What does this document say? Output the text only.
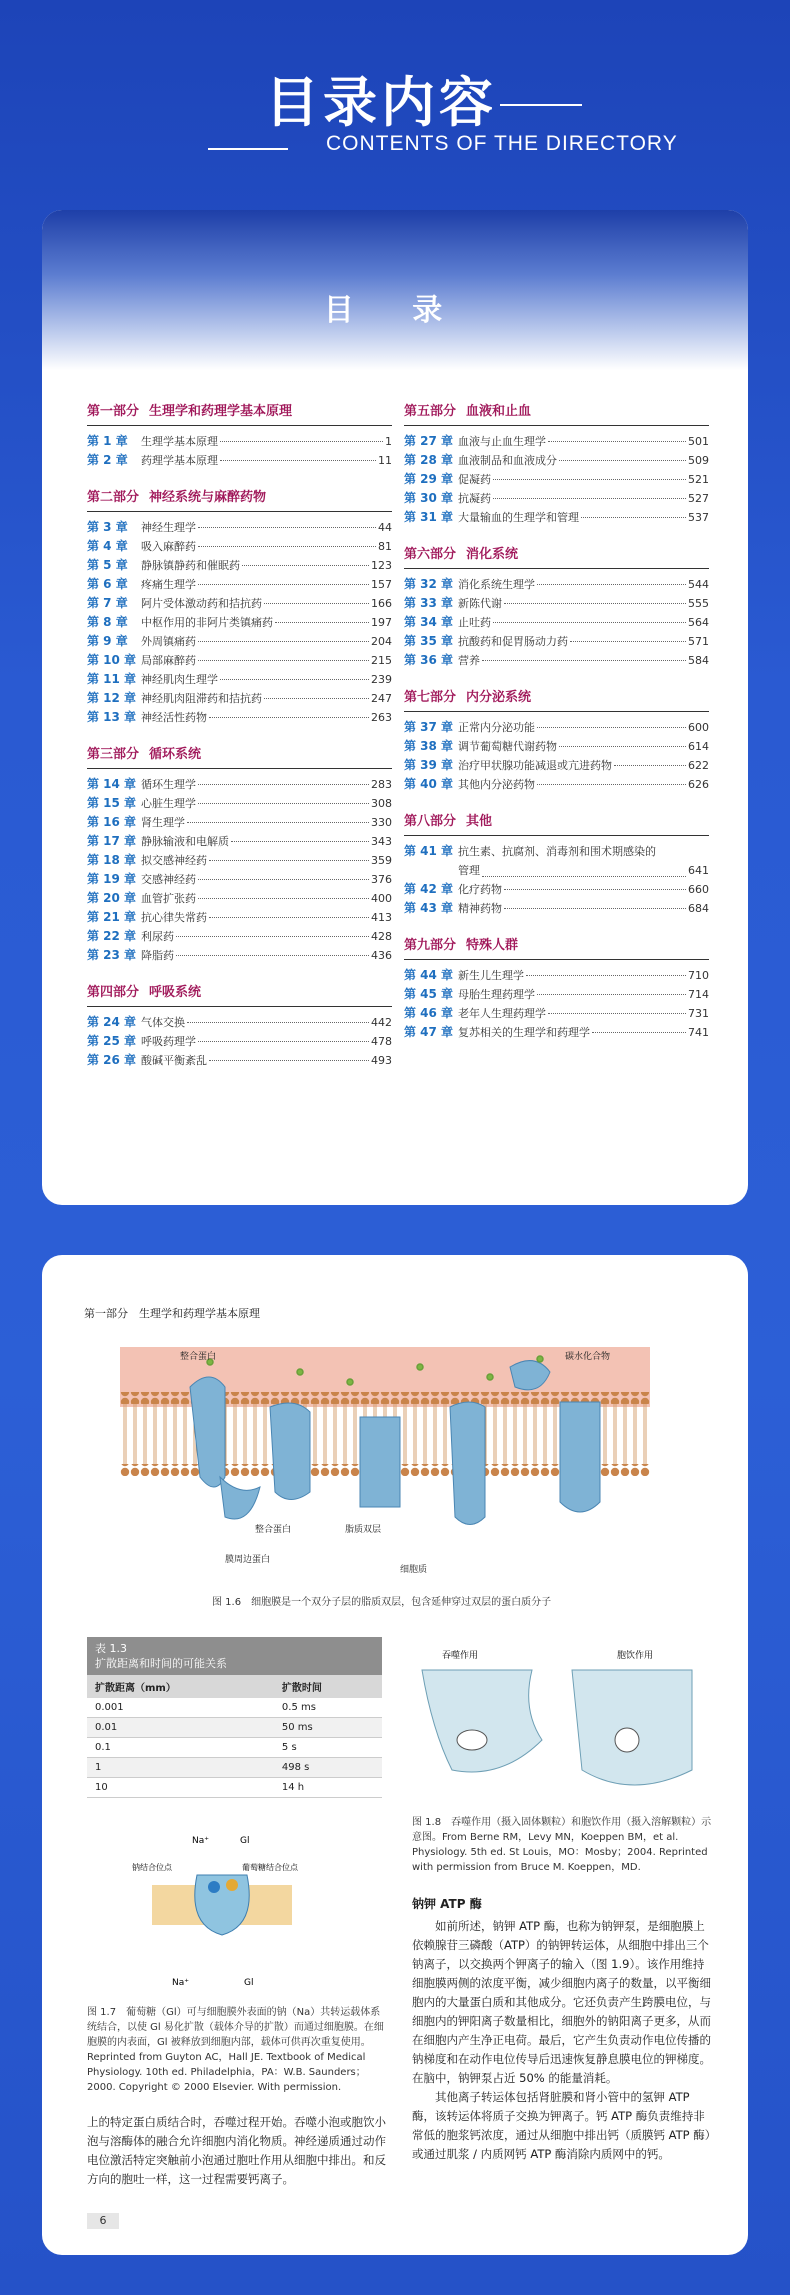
目录内容
CONTENTS OF THE DIRECTORY
目 录
第一部分 生理学和药理学基本原理
第 1 章	生理学基本原理	1
第 2 章	药理学基本原理	11
第二部分 神经系统与麻醉药物
第 3 章	神经生理学	44
第 4 章	吸入麻醉药	81
第 5 章	静脉镇静药和催眠药	123
第 6 章	疼痛生理学	157
第 7 章	阿片受体激动药和拮抗药	166
第 8 章	中枢作用的非阿片类镇痛药	197
第 9 章	外周镇痛药	204
第 10 章 局部麻醉药	215
第 11 章 神经肌肉生理学	239
第 12 章 神经肌肉阻滞药和拮抗药	247
第 13 章 神经活性药物	263
第三部分 循环系统
第 14 章 循环生理学	283
第 15 章 心脏生理学	308
第 16 章 肾生理学	330
第 17 章 静脉输液和电解质	343
第 18 章 拟交感神经药	359
第 19 章 交感神经药	376
第 20 章 血管扩张药	400
第 21 章 抗心律失常药	413
第 22 章 利尿药	428
第 23 章 降脂药	436
第四部分 呼吸系统
第 24 章 气体交换	442
第 25 章 呼吸药理学	478
第 26 章 酸碱平衡紊乱	493
第五部分 血液和止血
第 27 章 血液与止血生理学	501
第 28 章 血液制品和血液成分	509
第 29 章 促凝药	521
第 30 章 抗凝药	527
第 31 章 大量输血的生理学和管理	537
第六部分 消化系统
第 32 章 消化系统生理学	544
第 33 章 新陈代谢	555
第 34 章 止吐药	564
第 35 章 抗酸药和促胃肠动力药	571
第 36 章 营养	584
第七部分 内分泌系统
第 37 章 正常内分泌功能	600
第 38 章 调节葡萄糖代谢药物	614
第 39 章 治疗甲状腺功能减退或亢进药物	622
第 40 章 其他内分泌药物	626
第八部分 其他
第 41 章 抗生素、抗腐剂、消毒剂和围术期感染的
管理	641
第 42 章 化疗药物	660
第 43 章 精神药物	684
第九部分 特殊人群
第 44 章 新生儿生理学	710
第 45 章 母胎生理药理学	714
第 46 章 老年人生理药理学	731
第 47 章 复苏相关的生理学和药理学	741
第一部分　生理学和药理学基本原理
整合蛋白	碳水化合物
整合蛋白	脂质双层
膜周边蛋白
细胞质
图 1.6　细胞膜是一个双分子层的脂质双层，包含延伸穿过双层的蛋白质分子
表 1.3
扩散距离和时间的可能关系
扩散距离（mm）	扩散时间
0.001	0.5 ms
0.01	50 ms
0.1	5 s
1	498 s
10	14 h
Na⁺	Gl
钠结合位点	葡萄糖结合位点
Na⁺	Gl
图 1.7　葡萄糖（Gl）可与细胞膜外表面的钠（Na）共转运载体系统结合，以使 Gl 易化扩散（载体介导的扩散）而通过细胞膜。在细胞膜的内表面，Gl 被释放到细胞内部，载体可供再次重复使用。Reprinted from Guyton AC，Hall JE. Textbook of Medical Physiology. 10th ed. Philadelphia，PA：W.B. Saunders；2000. Copyright © 2000 Elsevier. With permission.
上的特定蛋白质结合时，吞噬过程开始。吞噬小泡或胞饮小泡与溶酶体的融合允许细胞内消化物质。神经递质通过动作电位激活特定突触前小泡通过胞吐作用从细胞中排出。和反方向的胞吐一样，这一过程需要钙离子。
吞噬作用	胞饮作用
图 1.8　吞噬作用（摄入固体颗粒）和胞饮作用（摄入溶解颗粒）示意图。From Berne RM，Levy MN，Koeppen BM，et al. Physiology. 5th ed. St Louis，MO：Mosby；2004. Reprinted with permission from Bruce M. Koeppen，MD.
钠钾 ATP 酶

如前所述，钠钾 ATP 酶，也称为钠钾泵，是细胞膜上依赖腺苷三磷酸（ATP）的钠钾转运体，从细胞中排出三个钠离子，以交换两个钾离子的输入（图 1.9）。该作用维持细胞膜两侧的浓度平衡，减少细胞内离子的数量，以平衡细胞内的大量蛋白质和其他成分。它还负责产生跨膜电位，与细胞内的钾阳离子数量相比，细胞外的钠阳离子更多，从而在细胞内产生净正电荷。最后，它产生负责动作电位传播的钠梯度和在动作电位传导后迅速恢复静息膜电位的钾梯度。在脑中，钠钾泵占近 50% 的能量消耗。

其他离子转运体包括肾脏膜和肾小管中的氢钾 ATP 酶，该转运体将质子交换为钾离子。钙 ATP 酶负责维持非常低的胞浆钙浓度，通过从细胞中排出钙（质膜钙 ATP 酶）或通过肌浆 / 内质网钙 ATP 酶消除内质网中的钙。

6
